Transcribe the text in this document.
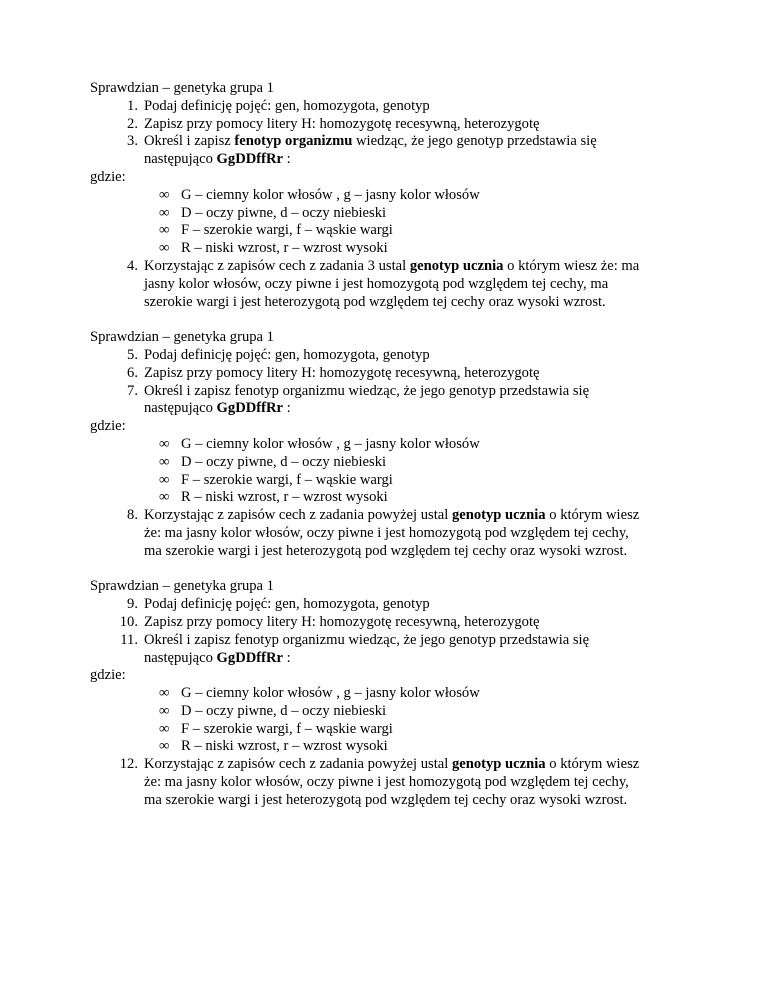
Sprawdzian – genetyka grupa 1
1. Podaj definicję pojęć: gen, homozygota, genotyp
2. Zapisz przy pomocy litery H: homozygotę recesywną, heterozygotę
3. Określ i zapisz fenotyp organizmu wiedząc, że jego genotyp przedstawia się
następująco GgDDffRr :
gdzie:
∞ G – ciemny kolor włosów , g – jasny kolor włosów
∞ D – oczy piwne, d – oczy niebieski
∞ F – szerokie wargi, f – wąskie wargi
∞ R – niski wzrost, r – wzrost wysoki
4. Korzystając z zapisów cech z zadania 3 ustal genotyp ucznia o którym wiesz że: ma
jasny kolor włosów, oczy piwne i jest homozygotą pod względem tej cechy, ma
szerokie wargi i jest heterozygotą pod względem tej cechy oraz wysoki wzrost.
Sprawdzian – genetyka grupa 1
5. Podaj definicję pojęć: gen, homozygota, genotyp
6. Zapisz przy pomocy litery H: homozygotę recesywną, heterozygotę
7. Określ i zapisz fenotyp organizmu wiedząc, że jego genotyp przedstawia się
następująco GgDDffRr :
gdzie:
∞ G – ciemny kolor włosów , g – jasny kolor włosów
∞ D – oczy piwne, d – oczy niebieski
∞ F – szerokie wargi, f – wąskie wargi
∞ R – niski wzrost, r – wzrost wysoki
8. Korzystając z zapisów cech z zadania powyżej ustal genotyp ucznia o którym wiesz
że: ma jasny kolor włosów, oczy piwne i jest homozygotą pod względem tej cechy,
ma szerokie wargi i jest heterozygotą pod względem tej cechy oraz wysoki wzrost.
Sprawdzian – genetyka grupa 1
9. Podaj definicję pojęć: gen, homozygota, genotyp
10. Zapisz przy pomocy litery H: homozygotę recesywną, heterozygotę
11. Określ i zapisz fenotyp organizmu wiedząc, że jego genotyp przedstawia się
następująco GgDDffRr :
gdzie:
∞ G – ciemny kolor włosów , g – jasny kolor włosów
∞ D – oczy piwne, d – oczy niebieski
∞ F – szerokie wargi, f – wąskie wargi
∞ R – niski wzrost, r – wzrost wysoki
12. Korzystając z zapisów cech z zadania powyżej ustal genotyp ucznia o którym wiesz
że: ma jasny kolor włosów, oczy piwne i jest homozygotą pod względem tej cechy,
ma szerokie wargi i jest heterozygotą pod względem tej cechy oraz wysoki wzrost.
